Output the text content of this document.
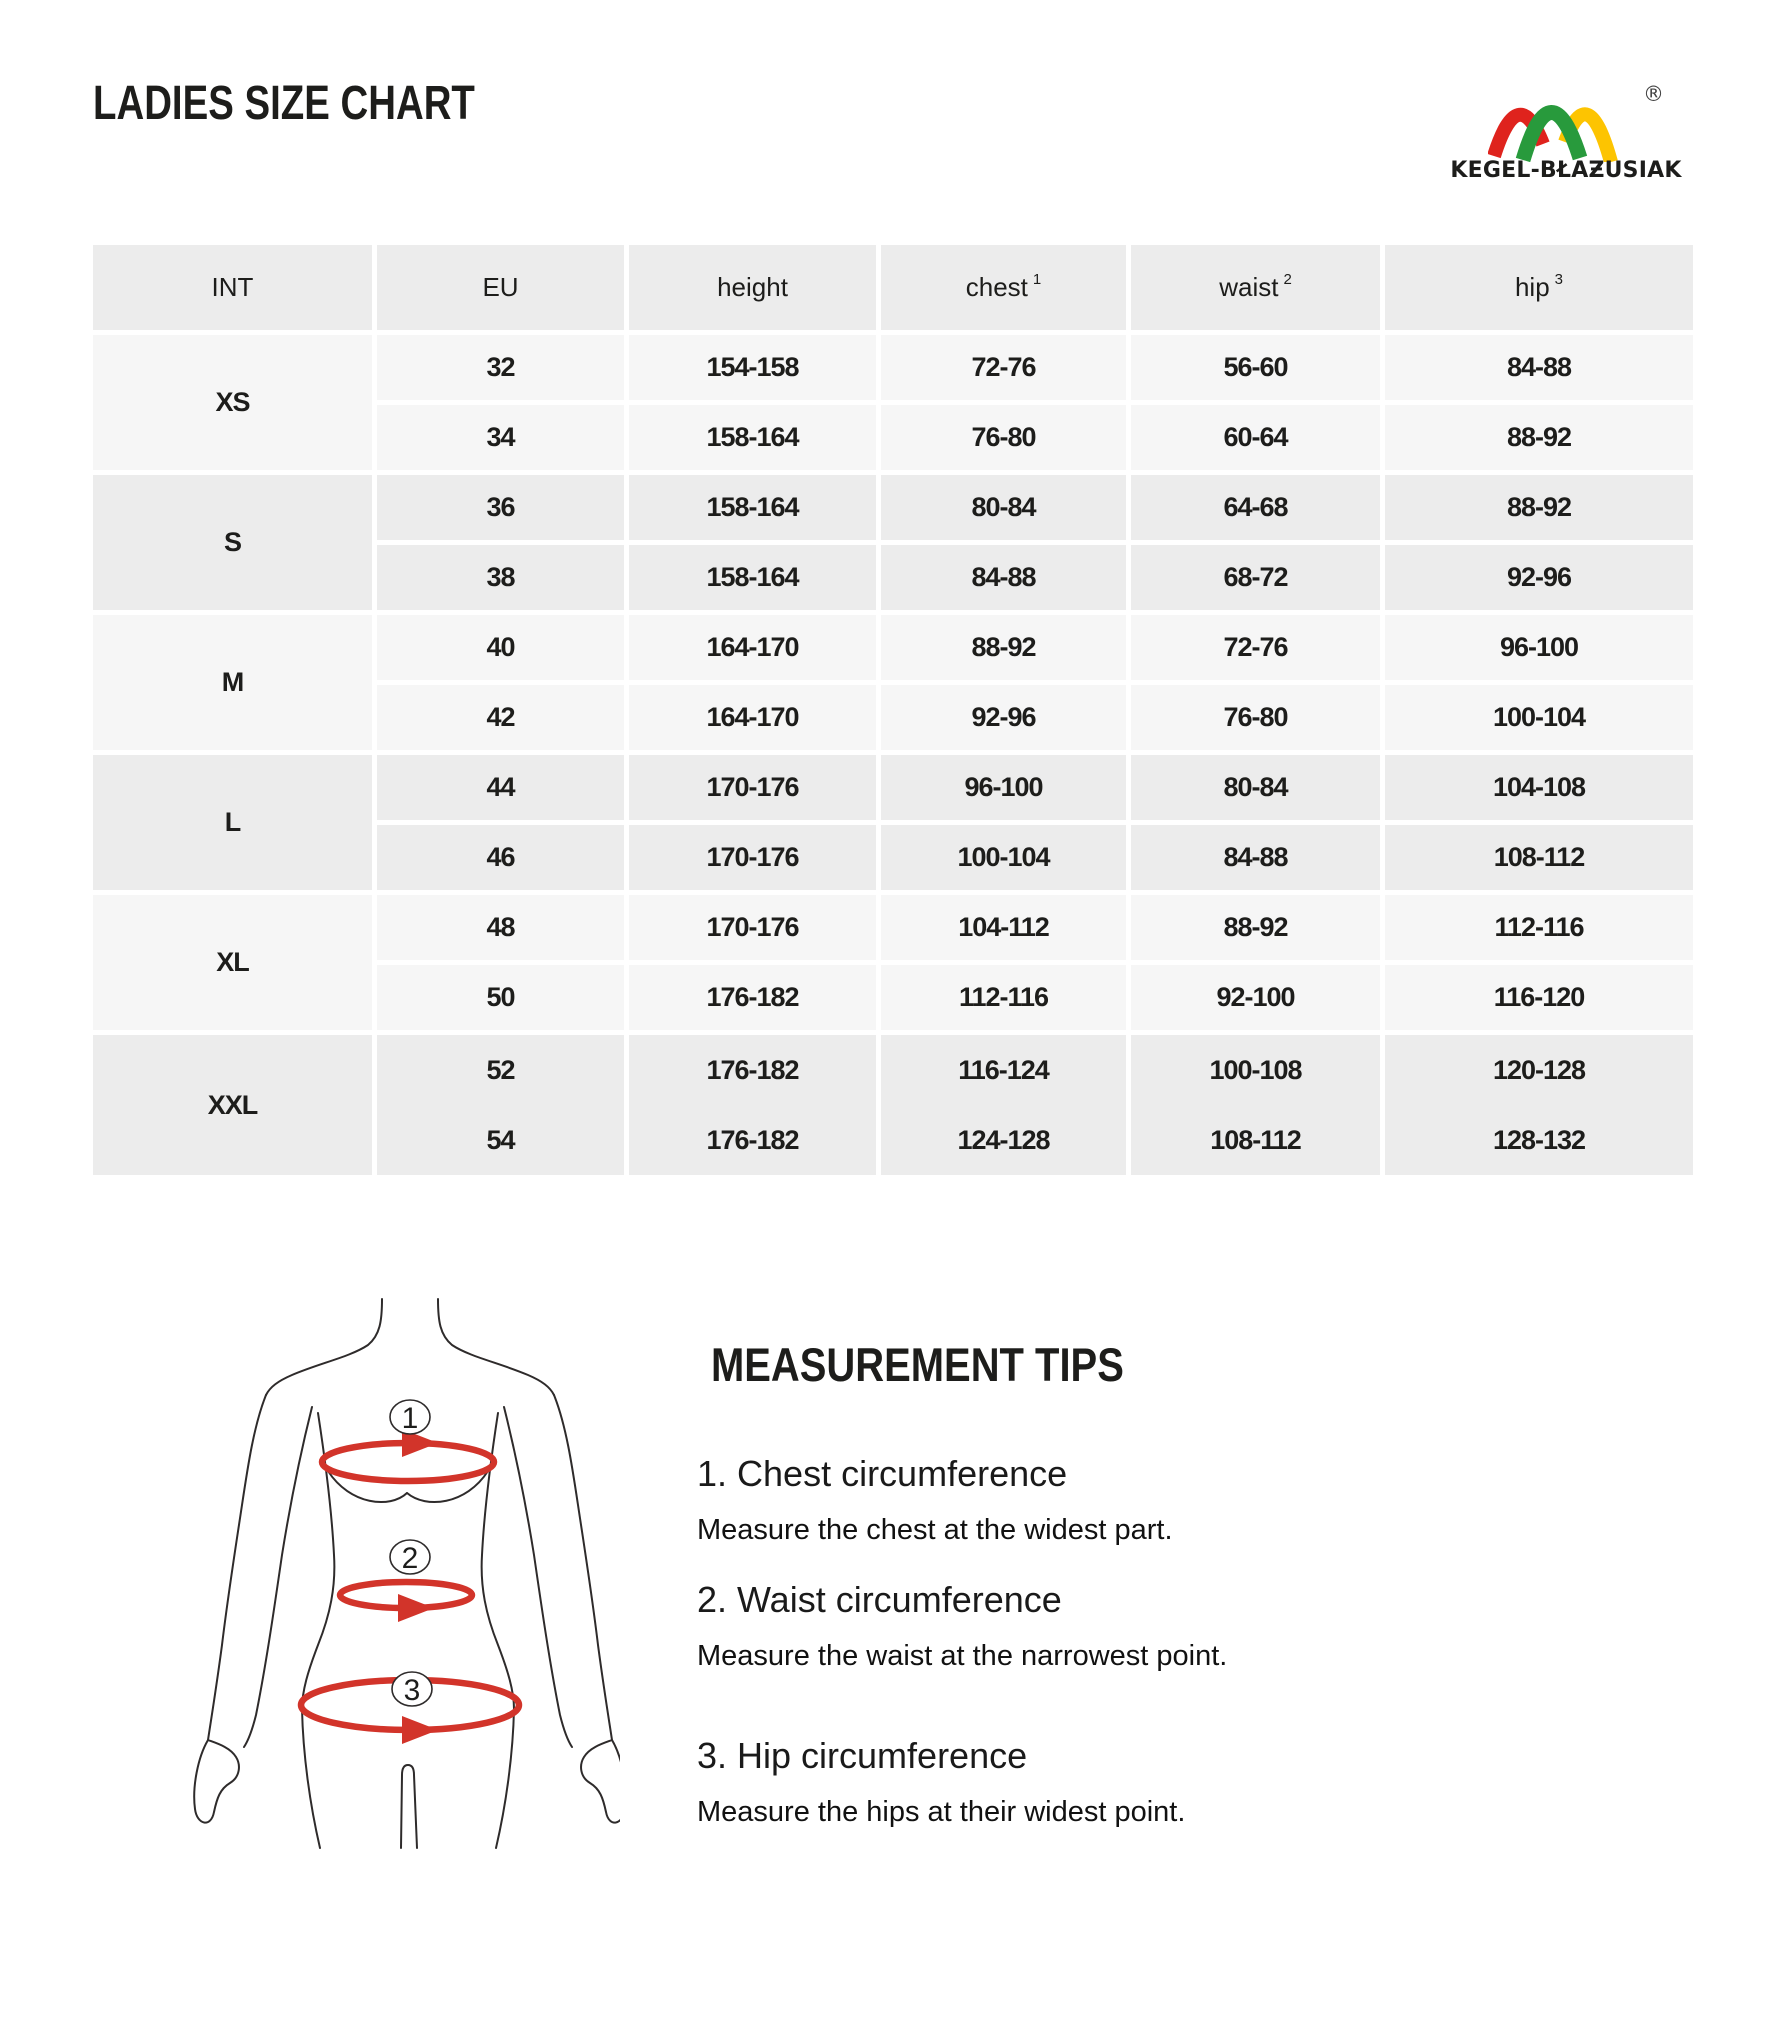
LADIES SIZE CHART	®
KEGEL-BŁAƵUSIAK
INT	EU	height	chest $^1$	waist $^2$	hip $^3$
XS	32	154-158	72-76	56-60	84-88
	34	158-164	76-80	60-64	88-92
S	36	158-164	80-84	64-68	88-92
	38	158-164	84-88	68-72	92-96
M	40	164-170	88-92	72-76	96-100
	42	164-170	92-96	76-80	100-104
L	44	170-176	96-100	80-84	104-108
	46	170-176	100-104	84-88	108-112
XL	48	170-176	104-112	88-92	112-116
	50	176-182	112-116	92-100	116-120
XXL	52	176-182	116-124	100-108	120-128
	54	176-182	124-128	108-112	128-132
1
2
3
MEASUREMENT TIPS
1. Chest circumference
Measure the chest at the widest part.
2. Waist circumference
Measure the waist at the narrowest point.
3. Hip circumference
Measure the hips at their widest point.
